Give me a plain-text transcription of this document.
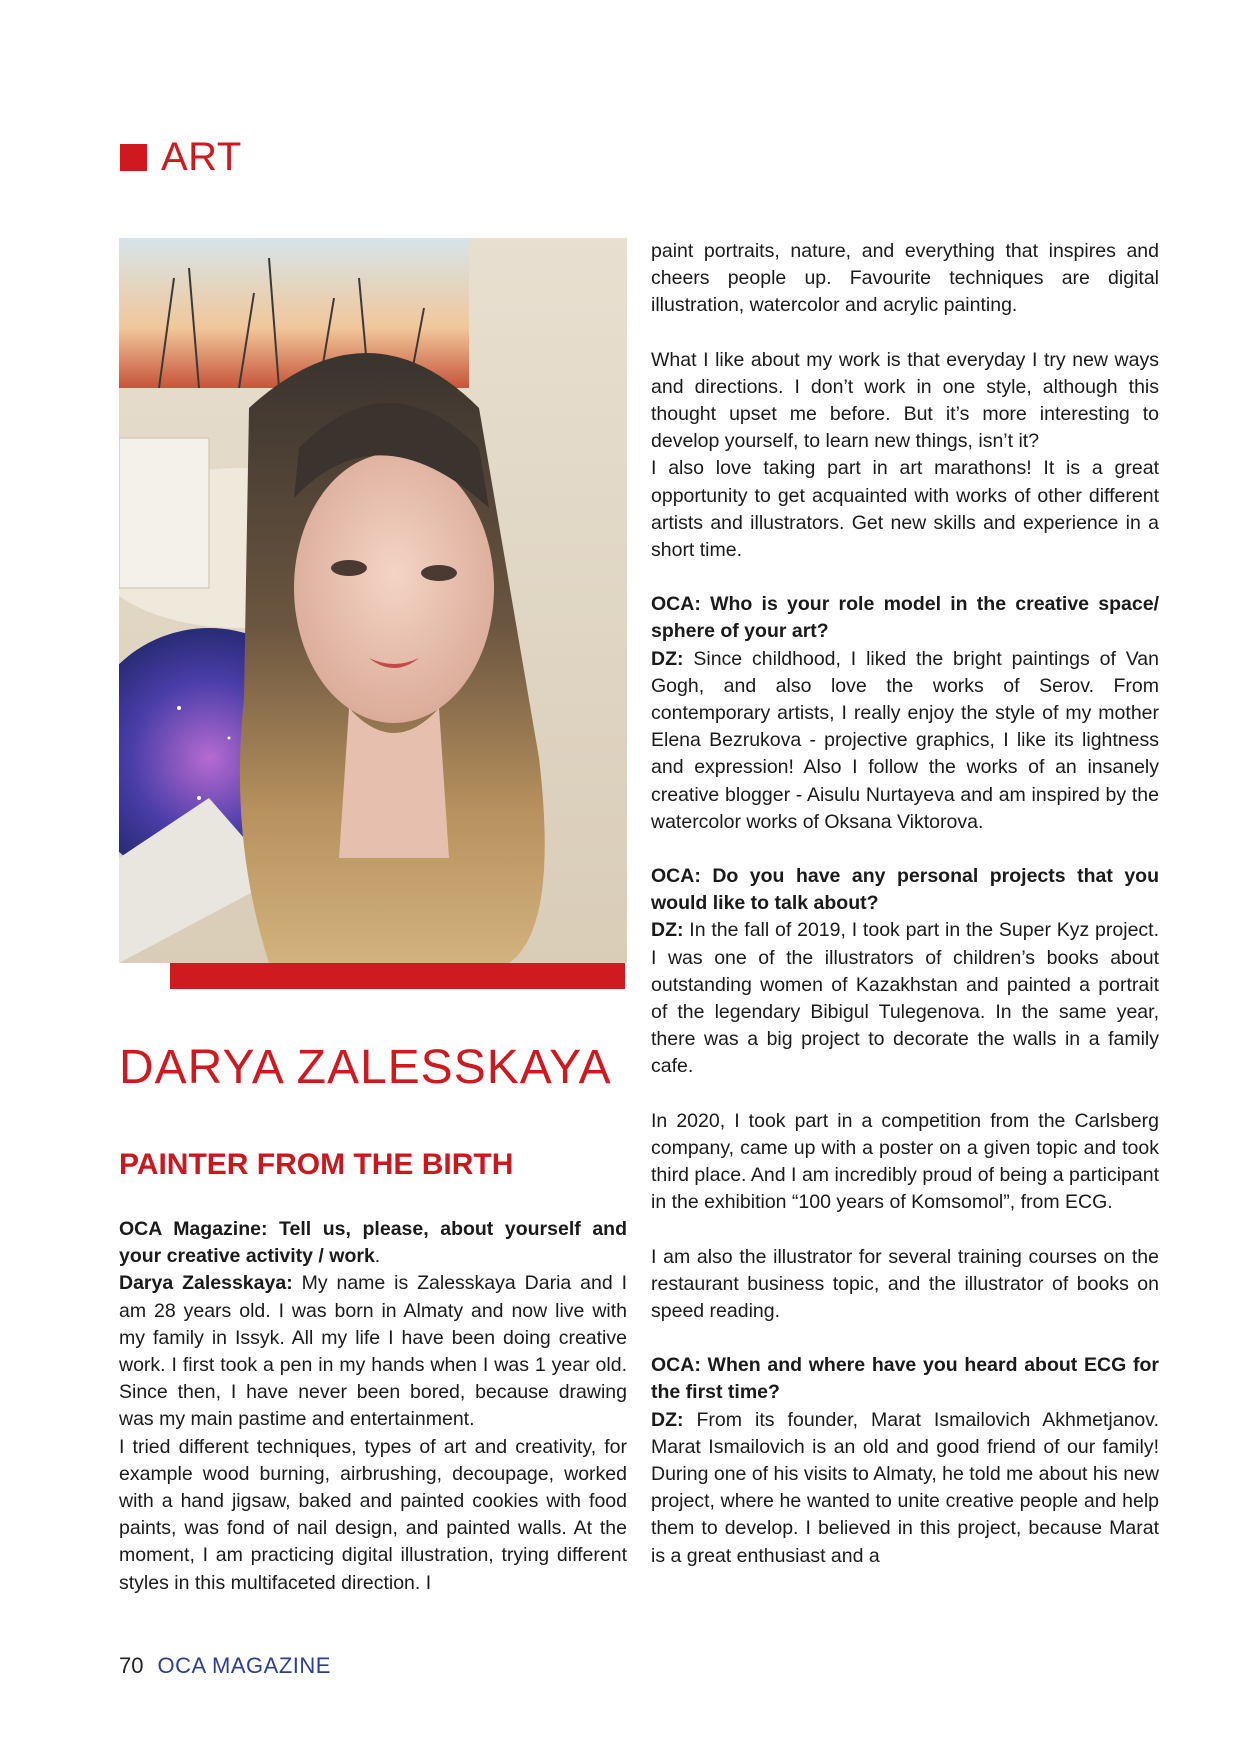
ART
DARYA ZALESSKAYA
PAINTER FROM THE BIRTH

OCA Magazine: Tell us, please, about yourself and your creative activity / work.

Darya Zalesskaya: My name is Zalesskaya Daria and I am 28 years old. I was born in Almaty and now live with my family in Issyk. All my life I have been doing creative work. I first took a pen in my hands when I was 1 year old. Since then, I have never been bored, because drawing was my main pastime and entertainment.

I tried different techniques, types of art and creativity, for example wood burning, airbrushing, decoupage, worked with a hand jigsaw, baked and painted cookies with food paints, was fond of nail design, and painted walls. At the moment, I am practicing digital illustration, trying different styles in this multifaceted direction. I

paint portraits, nature, and everything that inspires and cheers people up. Favourite techniques are digital illustration, watercolor and acrylic painting.

What I like about my work is that everyday I try new ways and directions. I don’t work in one style, although this thought upset me before. But it’s more interesting to develop yourself, to learn new things, isn’t it?

I also love taking part in art marathons! It is a great opportunity to get acquainted with works of other different artists and illustrators. Get new skills and experience in a short time.

OCA: Who is your role model in the creative space/ sphere of your art?

DZ: Since childhood, I liked the bright paintings of Van Gogh, and also love the works of Serov. From contemporary artists, I really enjoy the style of my mother Elena Bezrukova - projective graphics, I like its lightness and expression! Also I follow the works of an insanely creative blogger - Aisulu Nurtayeva and am inspired by the watercolor works of Oksana Viktorova.

OCA: Do you have any personal projects that you would like to talk about?

DZ: In the fall of 2019, I took part in the Super Kyz project. I was one of the illustrators of children’s books about outstanding women of Kazakhstan and painted a portrait of the legendary Bibigul Tulegenova. In the same year, there was a big project to decorate the walls in a family cafe.

In 2020, I took part in a competition from the Carlsberg company, came up with a poster on a given topic and took third place. And I am incredibly proud of being a participant in the exhibition “100 years of Komsomol”, from ECG.

I am also the illustrator for several training courses on the restaurant business topic, and the illustrator of books on speed reading.

OCA: When and where have you heard about ECG for the first time?

DZ: From its founder, Marat Ismailovich Akhmetjanov. Marat Ismailovich is an old and good friend of our family! During one of his visits to Almaty, he told me about his new project, where he wanted to unite creative people and help them to develop. I believed in this project, because Marat is a great enthusiast and a

70 OCA MAGAZINE
